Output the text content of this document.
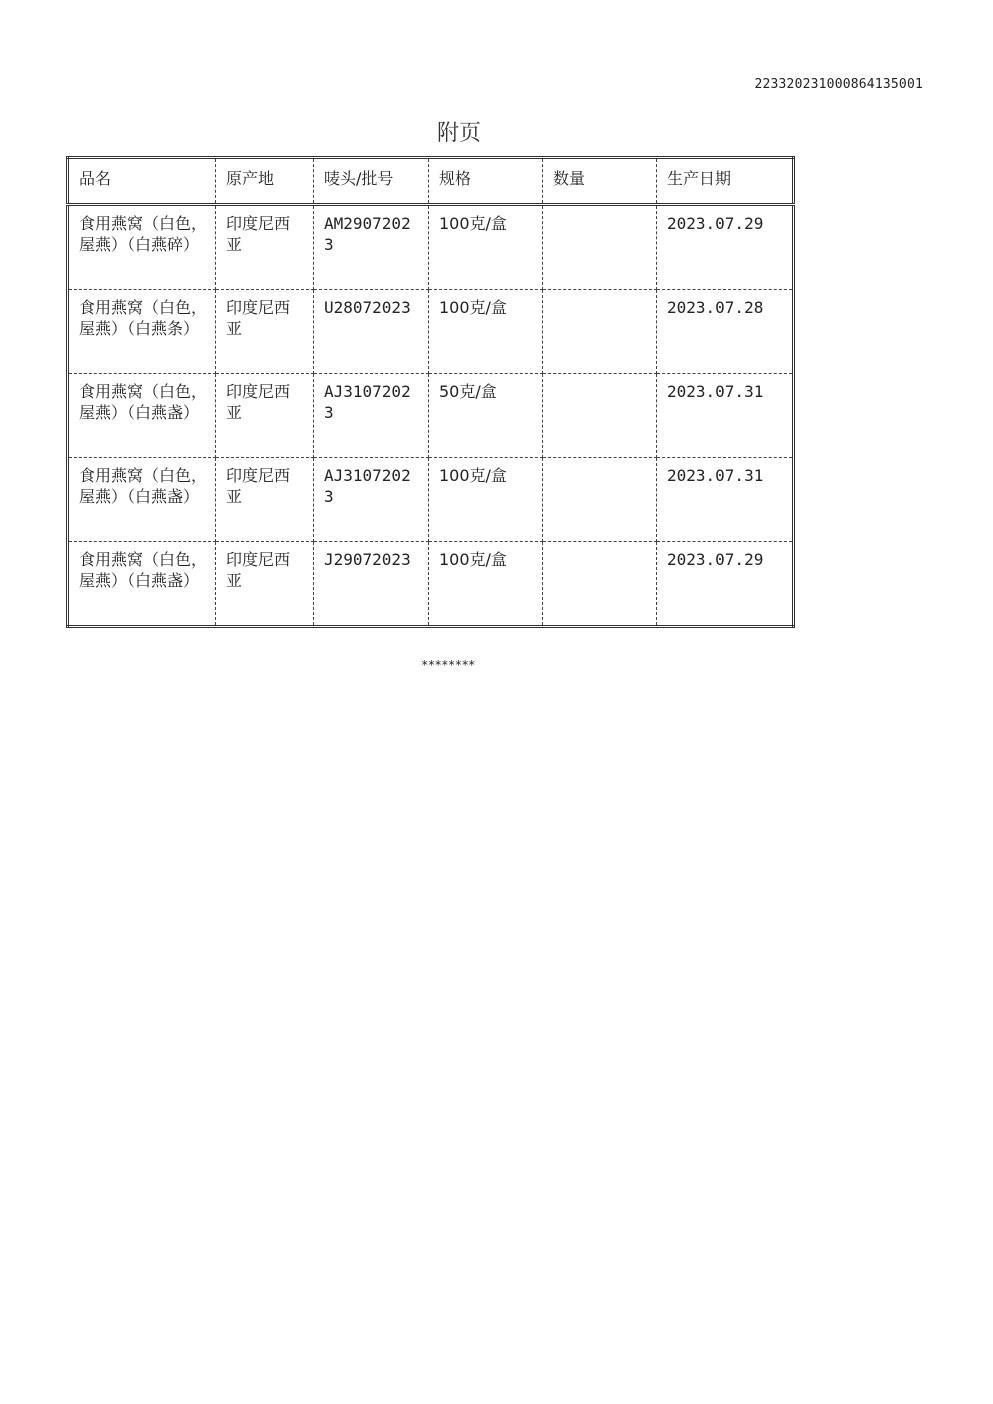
223320231000864135001
附页
品名	原产地	唛头/批号	规格	数量	生产日期
食用燕窝（白色，屋燕）（白燕碎）	印度尼西亚	AM29072023	100克/盒		2023.07.29
食用燕窝（白色，屋燕）（白燕条）	印度尼西亚	U28072023	100克/盒		2023.07.28
食用燕窝（白色，屋燕）（白燕盏）	印度尼西亚	AJ31072023	50克/盒		2023.07.31
食用燕窝（白色，屋燕）（白燕盏）	印度尼西亚	AJ31072023	100克/盒		2023.07.31
食用燕窝（白色，屋燕）（白燕盏）	印度尼西亚	J29072023	100克/盒		2023.07.29
********
